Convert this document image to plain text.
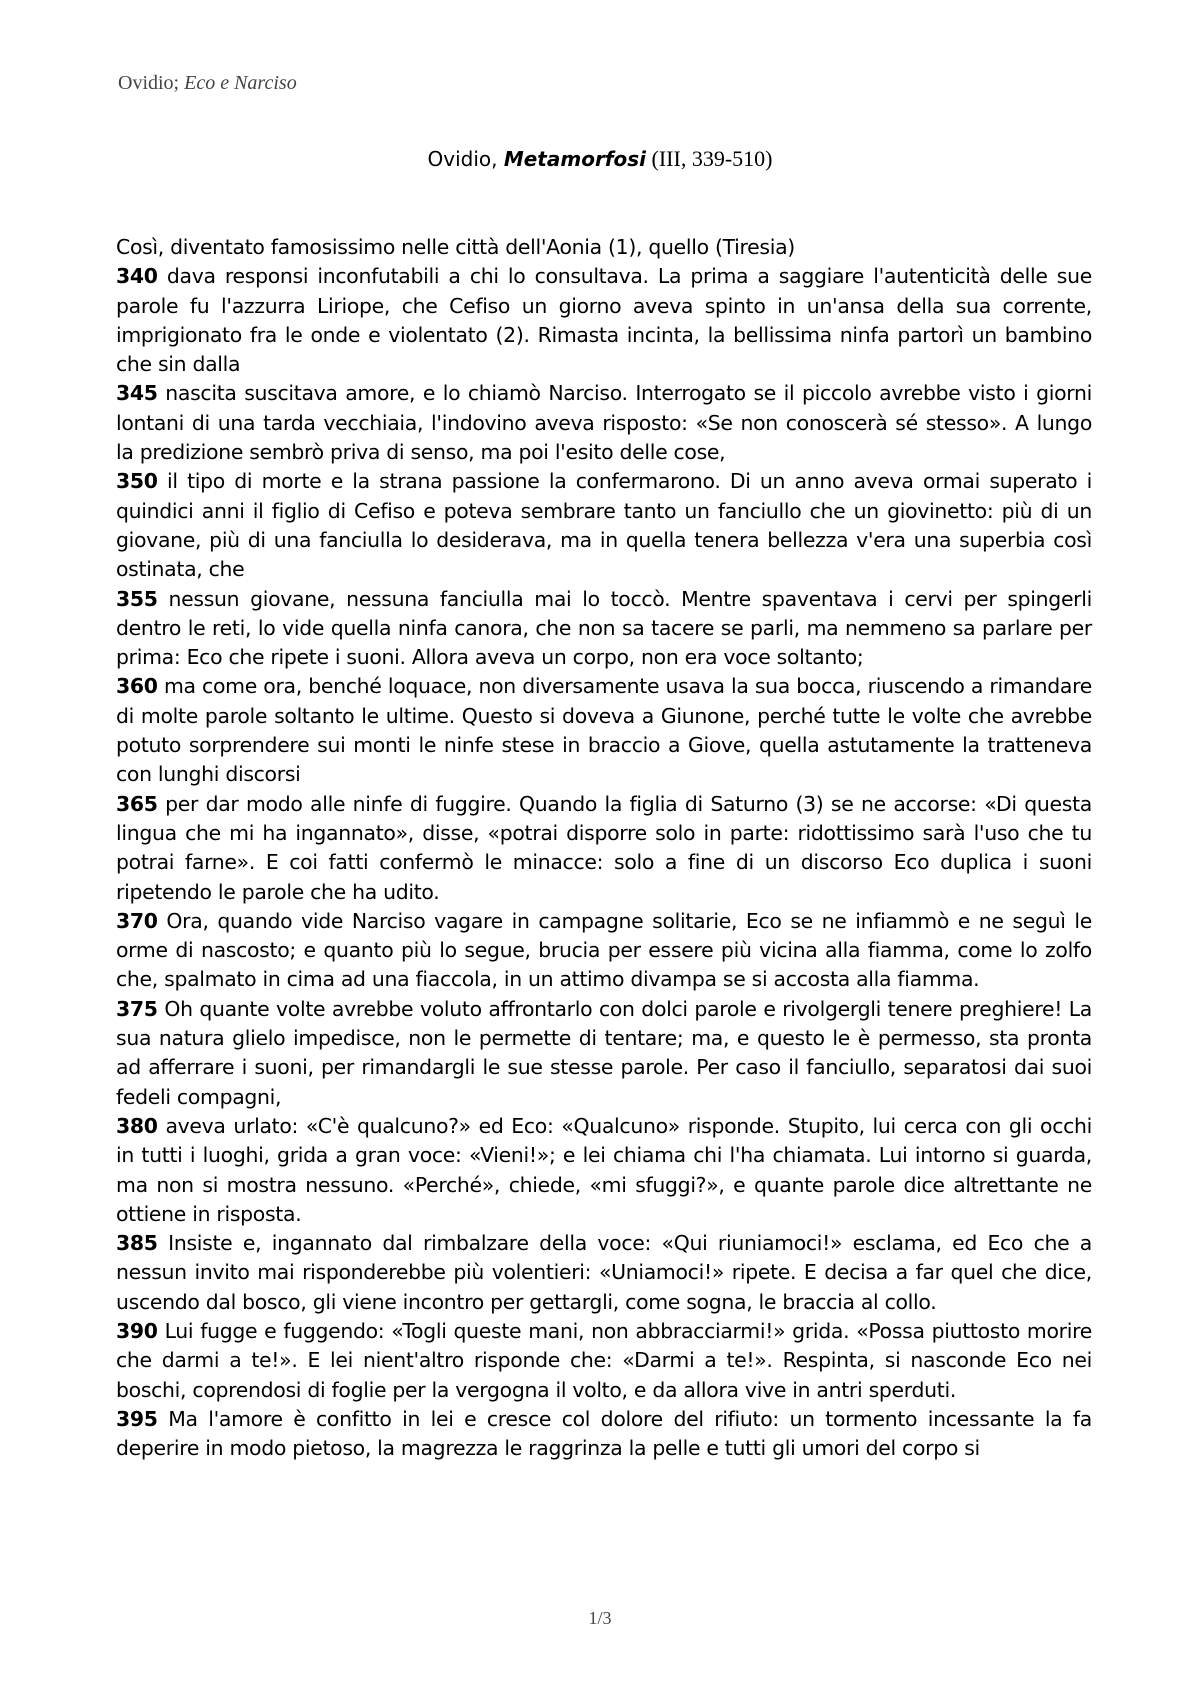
Ovidio; Eco e Narciso
Ovidio, Metamorfosi (III, 339-510)

Così, diventato famosissimo nelle città dell'Aonia (1), quello (Tiresia)

340 dava responsi inconfutabili a chi lo consultava. La prima a saggiare l'autenticità delle sue parole fu l'azzurra Liriope, che Cefiso un giorno aveva spinto in un'ansa della sua corrente, imprigionato fra le onde e violentato (2). Rimasta incinta, la bellissima ninfa partorì un bambino che sin dalla

345 nascita suscitava amore, e lo chiamò Narciso. Interrogato se il piccolo avrebbe visto i giorni lontani di una tarda vecchiaia, l'indovino aveva risposto: «Se non conoscerà sé stesso». A lungo la predizione sembrò priva di senso, ma poi l'esito delle cose,

350 il tipo di morte e la strana passione la confermarono. Di un anno aveva ormai superato i quindici anni il figlio di Cefiso e poteva sembrare tanto un fanciullo che un giovinetto: più di un giovane, più di una fanciulla lo desiderava, ma in quella tenera bellezza v'era una superbia così ostinata, che

355 nessun giovane, nessuna fanciulla mai lo toccò. Mentre spaventava i cervi per spingerli dentro le reti, lo vide quella ninfa canora, che non sa tacere se parli, ma nemmeno sa parlare per prima: Eco che ripete i suoni. Allora aveva un corpo, non era voce soltanto;

360 ma come ora, benché loquace, non diversamente usava la sua bocca, riuscendo a rimandare di molte parole soltanto le ultime. Questo si doveva a Giunone, perché tutte le volte che avrebbe potuto sorprendere sui monti le ninfe stese in braccio a Giove, quella astutamente la tratteneva con lunghi discorsi

365 per dar modo alle ninfe di fuggire. Quando la figlia di Saturno (3) se ne accorse: «Di questa lingua che mi ha ingannato», disse, «potrai disporre solo in parte: ridottissimo sarà l'uso che tu potrai farne». E coi fatti confermò le minacce: solo a fine di un discorso Eco duplica i suoni ripetendo le parole che ha udito.

370 Ora, quando vide Narciso vagare in campagne solitarie, Eco se ne infiammò e ne seguì le orme di nascosto; e quanto più lo segue, brucia per essere più vicina alla fiamma, come lo zolfo che, spalmato in cima ad una fiaccola, in un attimo divampa se si accosta alla fiamma.

375 Oh quante volte avrebbe voluto affrontarlo con dolci parole e rivolgergli tenere preghiere! La sua natura glielo impedisce, non le permette di tentare; ma, e questo le è permesso, sta pronta ad afferrare i suoni, per rimandargli le sue stesse parole. Per caso il fanciullo, separatosi dai suoi fedeli compagni,

380 aveva urlato: «C'è qualcuno?» ed Eco: «Qualcuno» risponde. Stupito, lui cerca con gli occhi in tutti i luoghi, grida a gran voce: «Vieni!»; e lei chiama chi l'ha chiamata. Lui intorno si guarda, ma non si mostra nessuno. «Perché», chiede, «mi sfuggi?», e quante parole dice altrettante ne ottiene in risposta.

385 Insiste e, ingannato dal rimbalzare della voce: «Qui riuniamoci!» esclama, ed Eco che a nessun invito mai risponderebbe più volentieri: «Uniamoci!» ripete. E decisa a far quel che dice, uscendo dal bosco, gli viene incontro per gettargli, come sogna, le braccia al collo.

390 Lui fugge e fuggendo: «Togli queste mani, non abbracciarmi!» grida. «Possa piuttosto morire che darmi a te!». E lei nient'altro risponde che: «Darmi a te!». Respinta, si nasconde Eco nei boschi, coprendosi di foglie per la vergogna il volto, e da allora vive in antri sperduti.

395 Ma l'amore è confitto in lei e cresce col dolore del rifiuto: un tormento incessante la fa deperire in modo pietoso, la magrezza le raggrinza la pelle e tutti gli umori del corpo si

1/3
